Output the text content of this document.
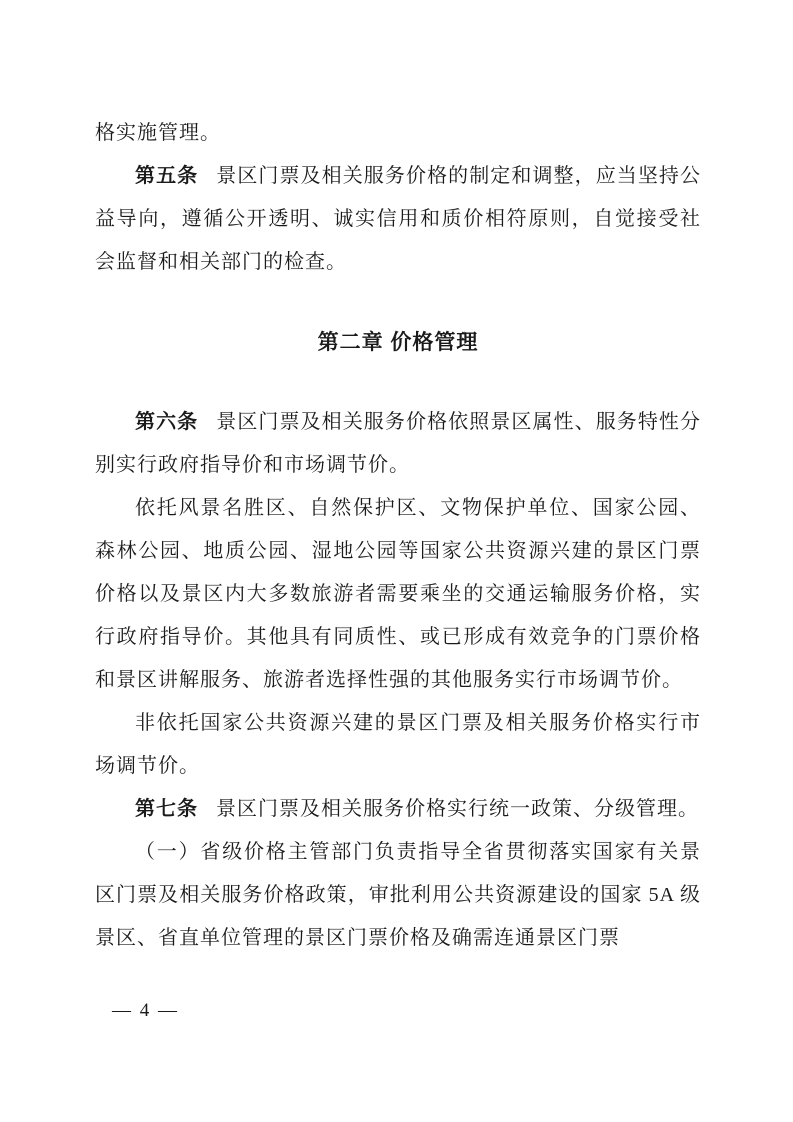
格实施管理。

第五条 景区门票及相关服务价格的制定和调整，应当坚持公益导向，遵循公开透明、诚实信用和质价相符原则，自觉接受社会监督和相关部门的检查。

第二章 价格管理

第六条 景区门票及相关服务价格依照景区属性、服务特性分别实行政府指导价和市场调节价。

依托风景名胜区、自然保护区、文物保护单位、国家公园、森林公园、地质公园、湿地公园等国家公共资源兴建的景区门票价格以及景区内大多数旅游者需要乘坐的交通运输服务价格，实行政府指导价。其他具有同质性、或已形成有效竞争的门票价格和景区讲解服务、旅游者选择性强的其他服务实行市场调节价。

非依托国家公共资源兴建的景区门票及相关服务价格实行市场调节价。

第七条 景区门票及相关服务价格实行统一政策、分级管理。

（一）省级价格主管部门负责指导全省贯彻落实国家有关景区门票及相关服务价格政策，审批利用公共资源建设的国家 5A 级景区、省直单位管理的景区门票价格及确需连通景区门票

— 4 —
